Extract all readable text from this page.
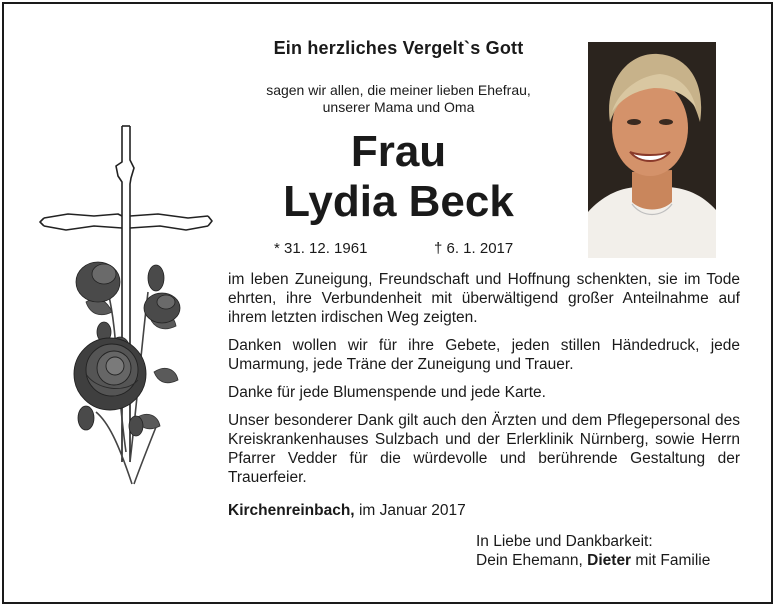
Ein herzliches Vergelt`s Gott
sagen wir allen, die meiner lieben Ehefrau,
unserer Mama und Oma
Frau
Lydia Beck
* 31. 12. 1961	† 6. 1. 2017

im leben Zuneigung, Freundschaft und Hoffnung schenkten, sie im Tode ehrten, ihre Verbundenheit mit überwältigend großer Anteilnahme auf ihrem letzten irdischen Weg zeigten.

Danken wollen wir für ihre Gebete, jeden stillen Händedruck, jede Umarmung, jede Träne der Zuneigung und Trauer.

Danke für jede Blumenspende und jede Karte.

Unser besonderer Dank gilt auch den Ärzten und dem Pflegepersonal des Kreiskrankenhauses Sulzbach und der Erlerklinik Nürnberg, sowie Herrn Pfarrer Vedder für die würdevolle und berührende Gestaltung der Trauerfeier.

Kirchenreinbach, im Januar 2017
In Liebe und Dankbarkeit:
Dein Ehemann, Dieter mit Familie
